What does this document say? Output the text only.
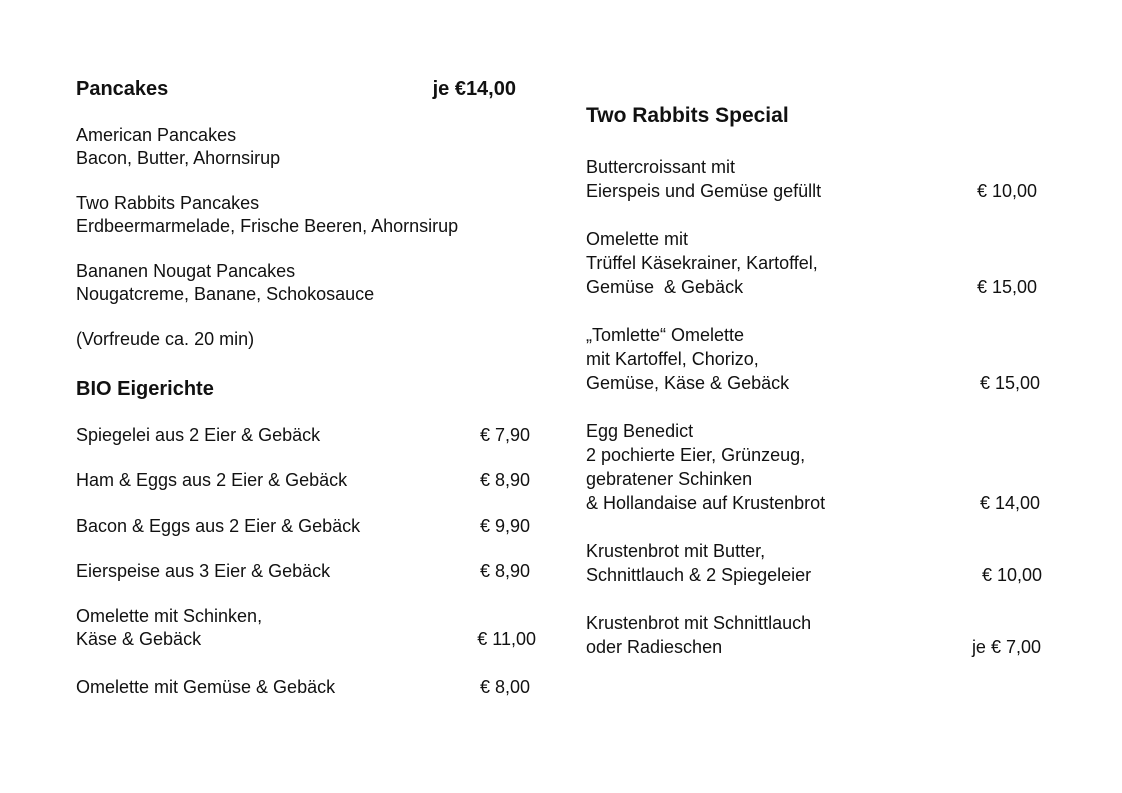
Pancakes	je €14,00
American Pancakes
Bacon, Butter, Ahornsirup
Two Rabbits Pancakes
Erdbeermarmelade, Frische Beeren, Ahornsirup
Bananen Nougat Pancakes
Nougatcreme, Banane, Schokosauce
(Vorfreude ca. 20 min)
BIO Eigerichte
Spiegelei aus 2 Eier & Gebäck	€ 7,90
Ham & Eggs aus 2 Eier & Gebäck	€ 8,90
Bacon & Eggs aus 2 Eier & Gebäck	€ 9,90
Eierspeise aus 3 Eier & Gebäck	€ 8,90
Omelette mit Schinken,
Käse & Gebäck	€ 11,00
Omelette mit Gemüse & Gebäck	€ 8,00
Two Rabbits Special
Buttercroissant mit
Eierspeis und Gemüse gefüllt	€ 10,00
Omelette mit
Trüffel Käsekrainer, Kartoffel,
Gemüse  & Gebäck	€ 15,00
„Tomlette“ Omelette
mit Kartoffel, Chorizo,
Gemüse, Käse & Gebäck	€ 15,00
Egg Benedict
2 pochierte Eier, Grünzeug,
gebratener Schinken
& Hollandaise auf Krustenbrot	€ 14,00
Krustenbrot mit Butter,
Schnittlauch & 2 Spiegeleier	€ 10,00
Krustenbrot mit Schnittlauch
oder Radieschen	je € 7,00
